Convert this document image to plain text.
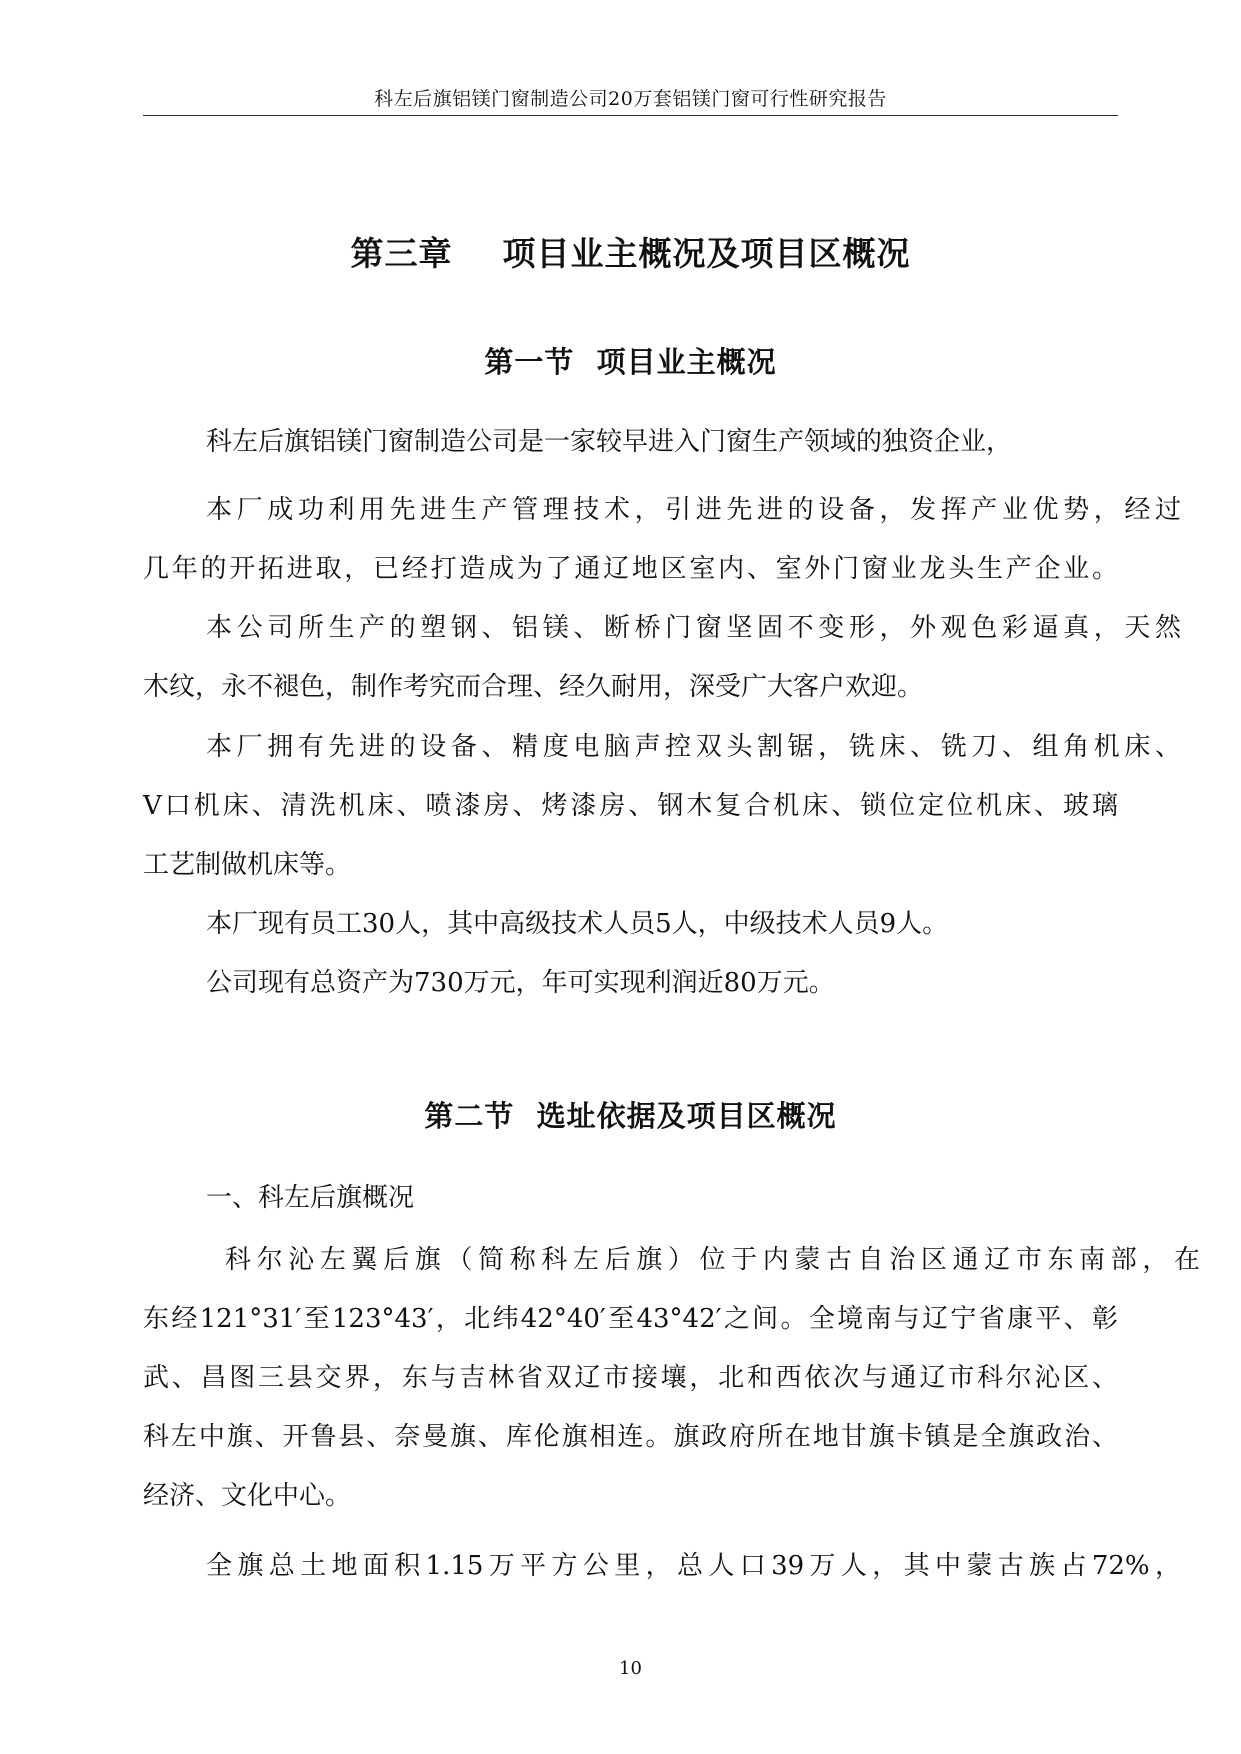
科左后旗铝镁门窗制造公司20万套铝镁门窗可行性研究报告
第三章    项目业主概况及项目区概况
第一节  项目业主概况
科左后旗铝镁门窗制造公司是一家较早进入门窗生产领域的独资企业，
本厂成功利用先进生产管理技术，引进先进的设备，发挥产业优势，经过
几年的开拓进取，已经打造成为了通辽地区室内、室外门窗业龙头生产企业。
本公司所生产的塑钢、铝镁、断桥门窗坚固不变形，外观色彩逼真，天然
木纹，永不褪色，制作考究而合理、经久耐用，深受广大客户欢迎。
本厂拥有先进的设备、精度电脑声控双头割锯，铣床、铣刀、组角机床、
V口机床、清洗机床、喷漆房、烤漆房、钢木复合机床、锁位定位机床、玻璃
工艺制做机床等。
本厂现有员工30人，其中高级技术人员5人，中级技术人员9人。
公司现有总资产为730万元，年可实现利润近80万元。
第二节  选址依据及项目区概况
一、科左后旗概况
科尔沁左翼后旗（简称科左后旗）位于内蒙古自治区通辽市东南部，在
东经121°31′至123°43′，北纬42°40′至43°42′之间。全境南与辽宁省康平、彰
武、昌图三县交界，东与吉林省双辽市接壤，北和西依次与通辽市科尔沁区、
科左中旗、开鲁县、奈曼旗、库伦旗相连。旗政府所在地甘旗卡镇是全旗政治、
经济、文化中心。
全旗总土地面积1.15万平方公里，总人口39万人，其中蒙古族占72%，
10
